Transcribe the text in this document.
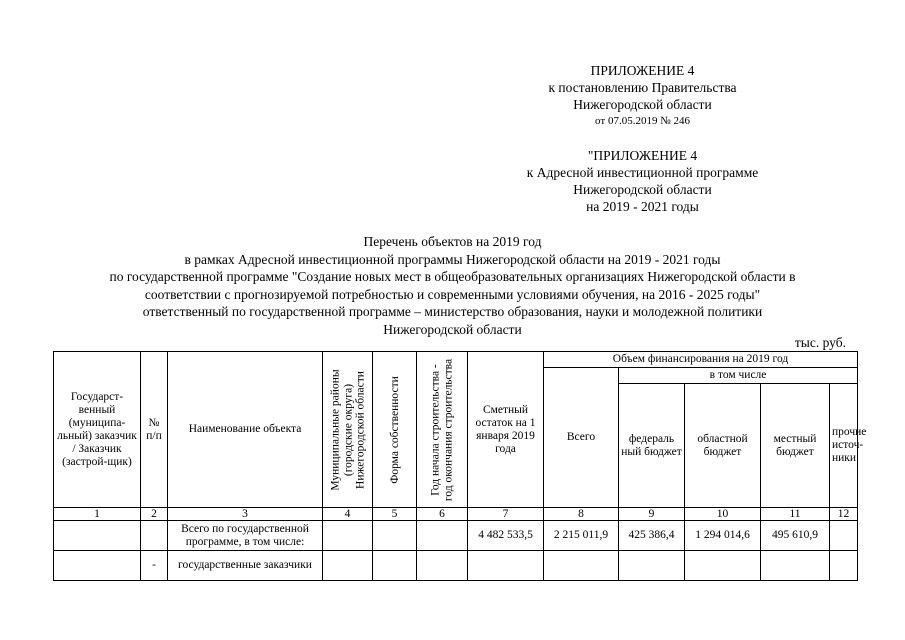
ПРИЛОЖЕНИЕ 4
к постановлению Правительства
Нижегородской области
от 07.05.2019 № 246
"ПРИЛОЖЕНИЕ 4
к Адресной инвестиционной программе
Нижегородской области
на 2019 - 2021 годы
Перечень объектов на 2019 год
в рамках Адресной инвестиционной программы Нижегородской области на 2019 - 2021 годы
по государственной программе "Создание новых мест в общеобразовательных организациях Нижегородской области в
соответствии с прогнозируемой потребностью и современными условиями обучения, на 2016 - 2025 годы"
ответственный по государственной программе – министерство образования, науки и молодежной политики
Нижегородской области
тыс. руб.
Государст-венный (муниципа-льный) заказчик / Заказчик (застрой-щик)	№ п/п	Наименование объекта	Муниципальные районы (городские округа) Нижегородской области	Форма собственности	Год начала строительства - год окончания строительства	Сметный остаток на 1 января 2019 года	Объем финансирования на 2019 год				
							Всего	в том числе			
								федераль ный бюджет	областной бюджет	местный бюджет	прочие источ-ники
1	2	3	4	5	6	7	8	9	10	11	12
		Всего по государственной программе, в том числе:				4 482 533,5	2 215 011,9	425 386,4	1 294 014,6	495 610,9	
	-	государственные заказчики									
